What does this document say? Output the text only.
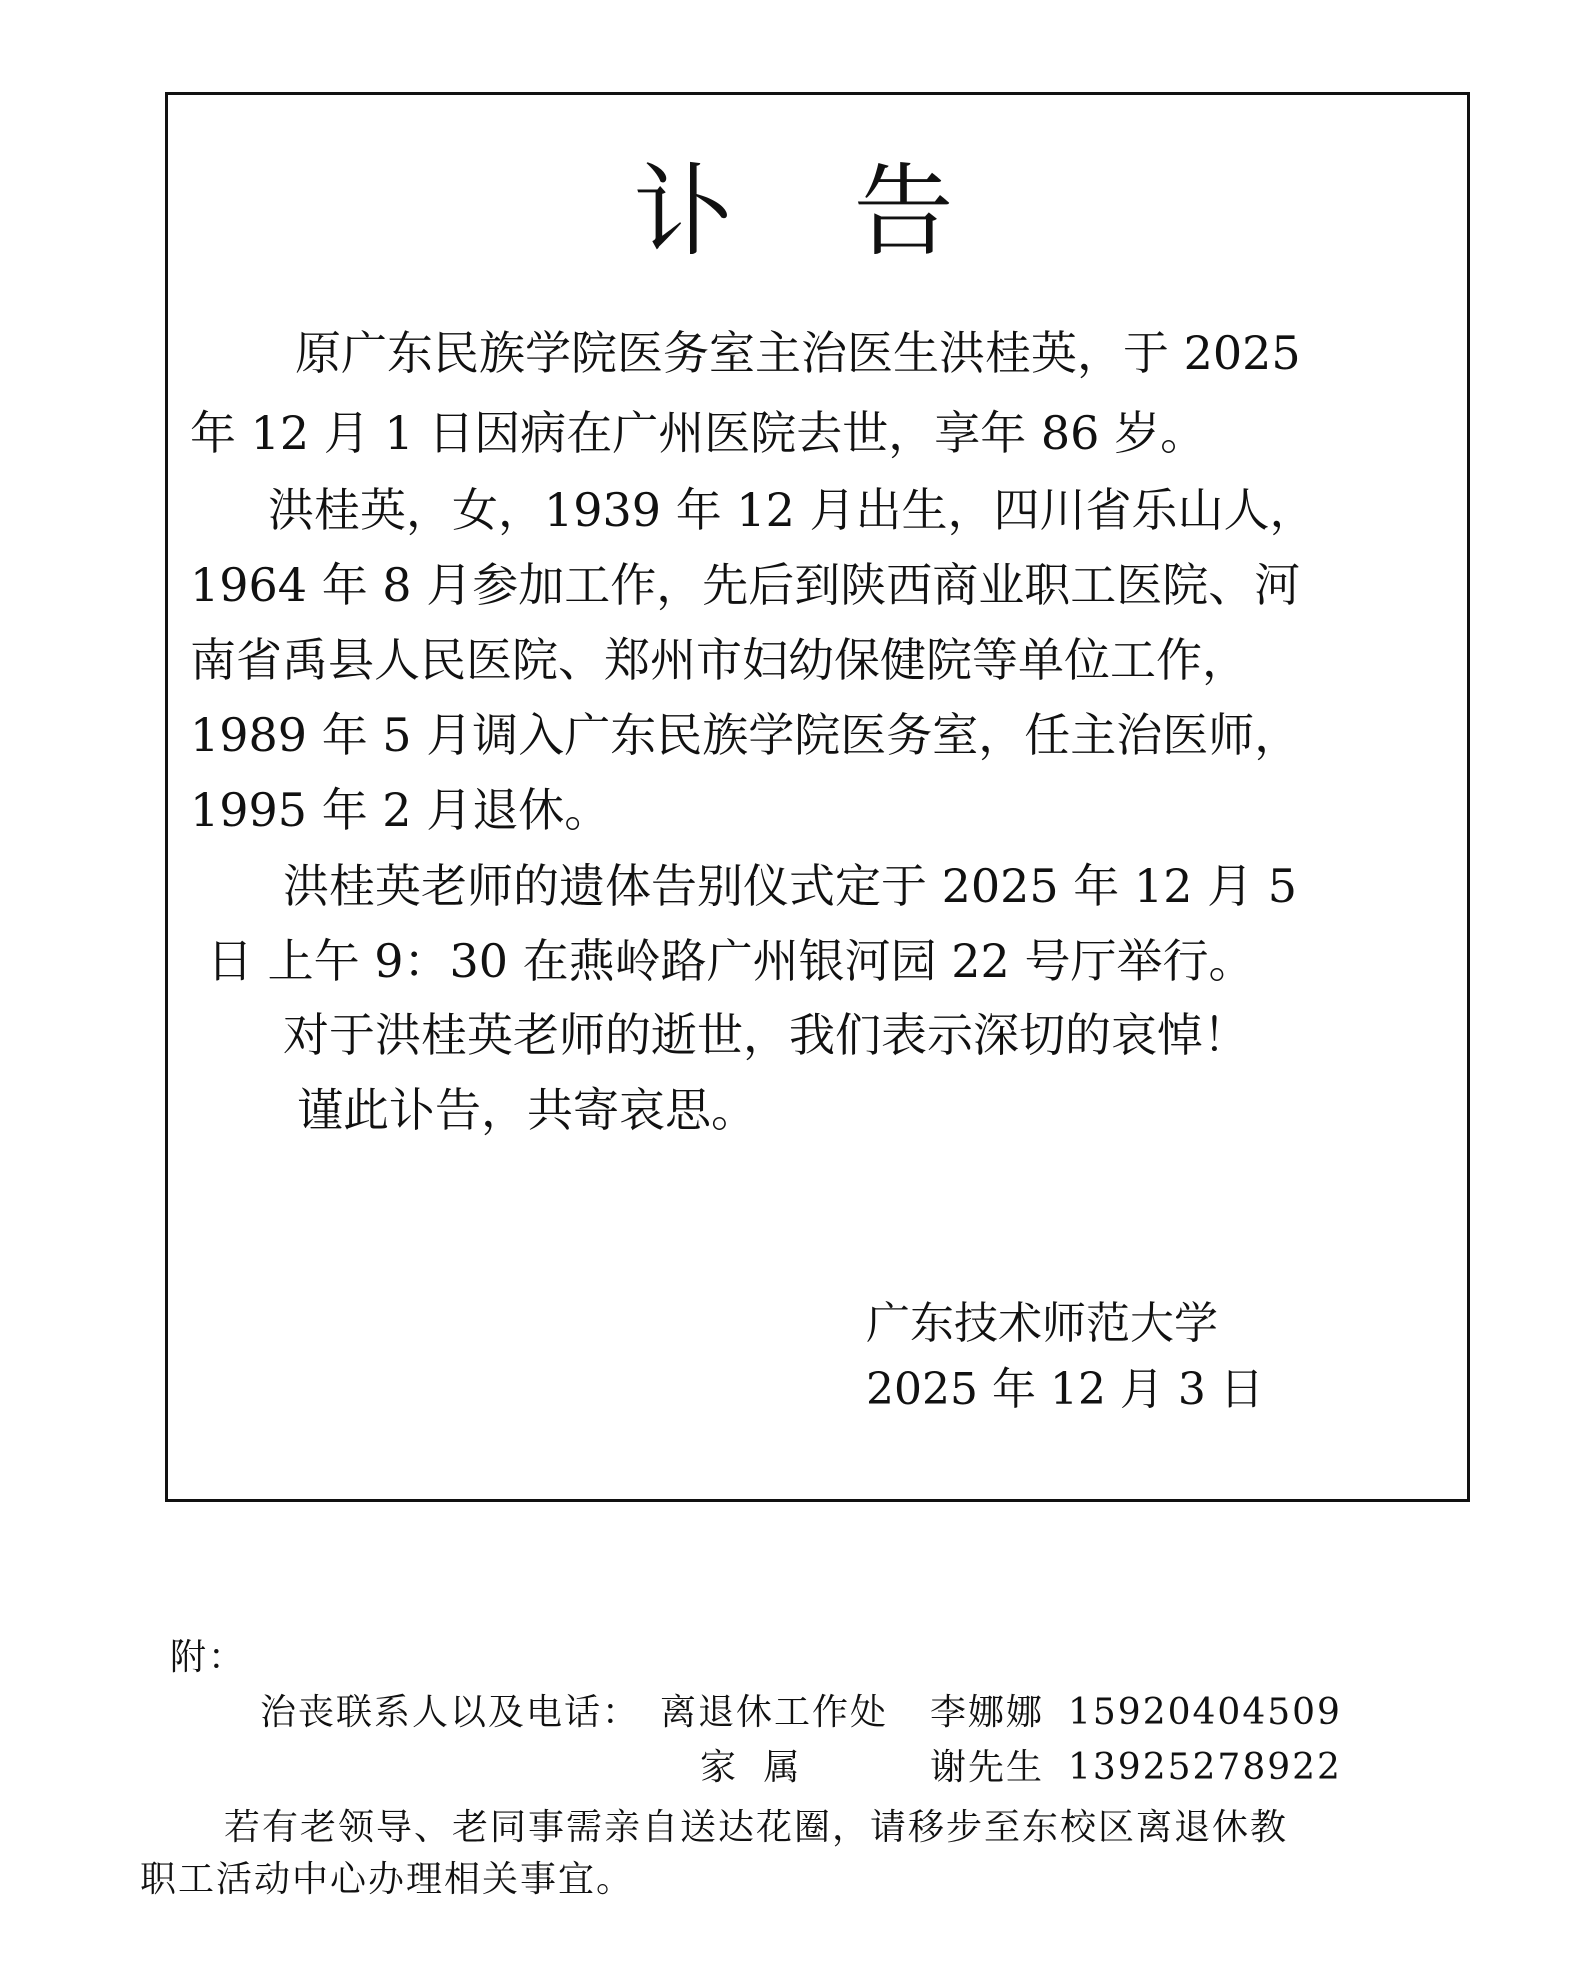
讣 告
原广东民族学院医务室主治医生洪桂英，于 2025
年 12 月 1 日因病在广州医院去世，享年 86 岁。
洪桂英，女，1939 年 12 月出生，四川省乐山人，
1964 年 8 月参加工作，先后到陕西商业职工医院、河
南省禹县人民医院、郑州市妇幼保健院等单位工作，
1989 年 5 月调入广东民族学院医务室，任主治医师，
1995 年 2 月退休。
洪桂英老师的遗体告别仪式定于 2025 年 12 月 5
日 上午 9：30 在燕岭路广州银河园 22 号厅举行。
对于洪桂英老师的逝世，我们表示深切的哀悼！
谨此讣告，共寄哀思。
广东技术师范大学
2025 年 12 月 3 日
附：
治丧联系人以及电话： 离退休工作处 李娜娜 15920404509
家 属	谢先生 13925278922
若有老领导、老同事需亲自送达花圈，请移步至东校区离退休教
职工活动中心办理相关事宜。
